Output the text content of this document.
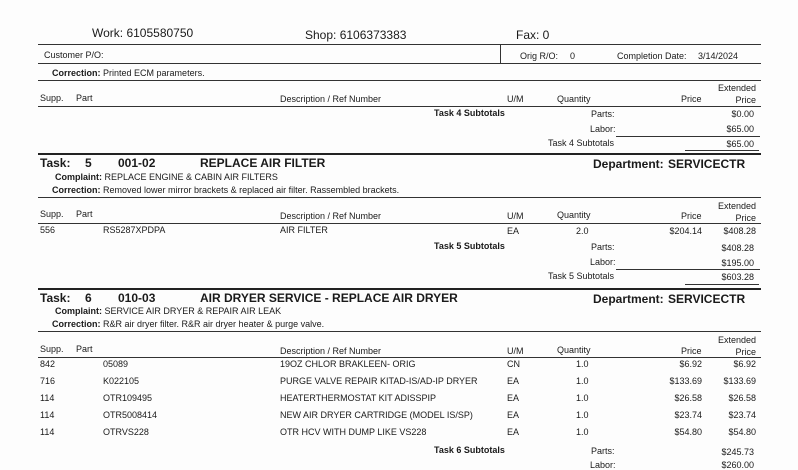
Work: 6105580750	Shop: 6106373383	Fax: 0
Customer P/O:	Orig R/O: 0	Completion Date: 3/14/2024
Correction: Printed ECM parameters.
Supp. Part	Description / Ref Number	U/M	Quantity	Price
Extended
Price
Task 4 Subtotals	Parts:	$0.00
Labor:	$65.00
Task 4 Subtotals	$65.00
Task: 5 001-02	REPLACE AIR FILTER	Department: SERVICECTR
Complaint: REPLACE ENGINE & CABIN AIR FILTERS
Correction: Removed lower mirror brackets & replaced air filter. Rassembled brackets.
Supp. Part	Description / Ref Number	U/M	Quantity	Price
Extended
Price
556	RS5287XPDPA	AIR FILTER	EA	2.0	$204.14	$408.28
Task 5 Subtotals	Parts:	$408.28
Labor:	$195.00
Task 5 Subtotals	$603.28
Task: 6 010-03	AIR DRYER SERVICE - REPLACE AIR DRYER	Department: SERVICECTR
Complaint: SERVICE AIR DRYER & REPAIR AIR LEAK
Correction: R&R air dryer filter. R&R air dryer heater & purge valve.
Supp. Part	Description / Ref Number	U/M	Quantity	Price
Extended
Price
842	05089	19OZ CHLOR BRAKLEEN- ORIG	CN	1.0	$6.92	$6.92
716	K022105	PURGE VALVE REPAIR KITAD-IS/AD-IP DRYER	EA	1.0	$133.69	$133.69
114	OTR109495	HEATERTHERMOSTAT KIT ADISSPIP	EA	1.0	$26.58	$26.58
114	OTR5008414	NEW AIR DRYER CARTRIDGE (MODEL IS/SP)	EA	1.0	$23.74	$23.74
114	OTRVS228	OTR HCV WITH DUMP LIKE VS228	EA	1.0	$54.80	$54.80
Task 6 Subtotals	Parts:	$245.73
Labor:	$260.00
